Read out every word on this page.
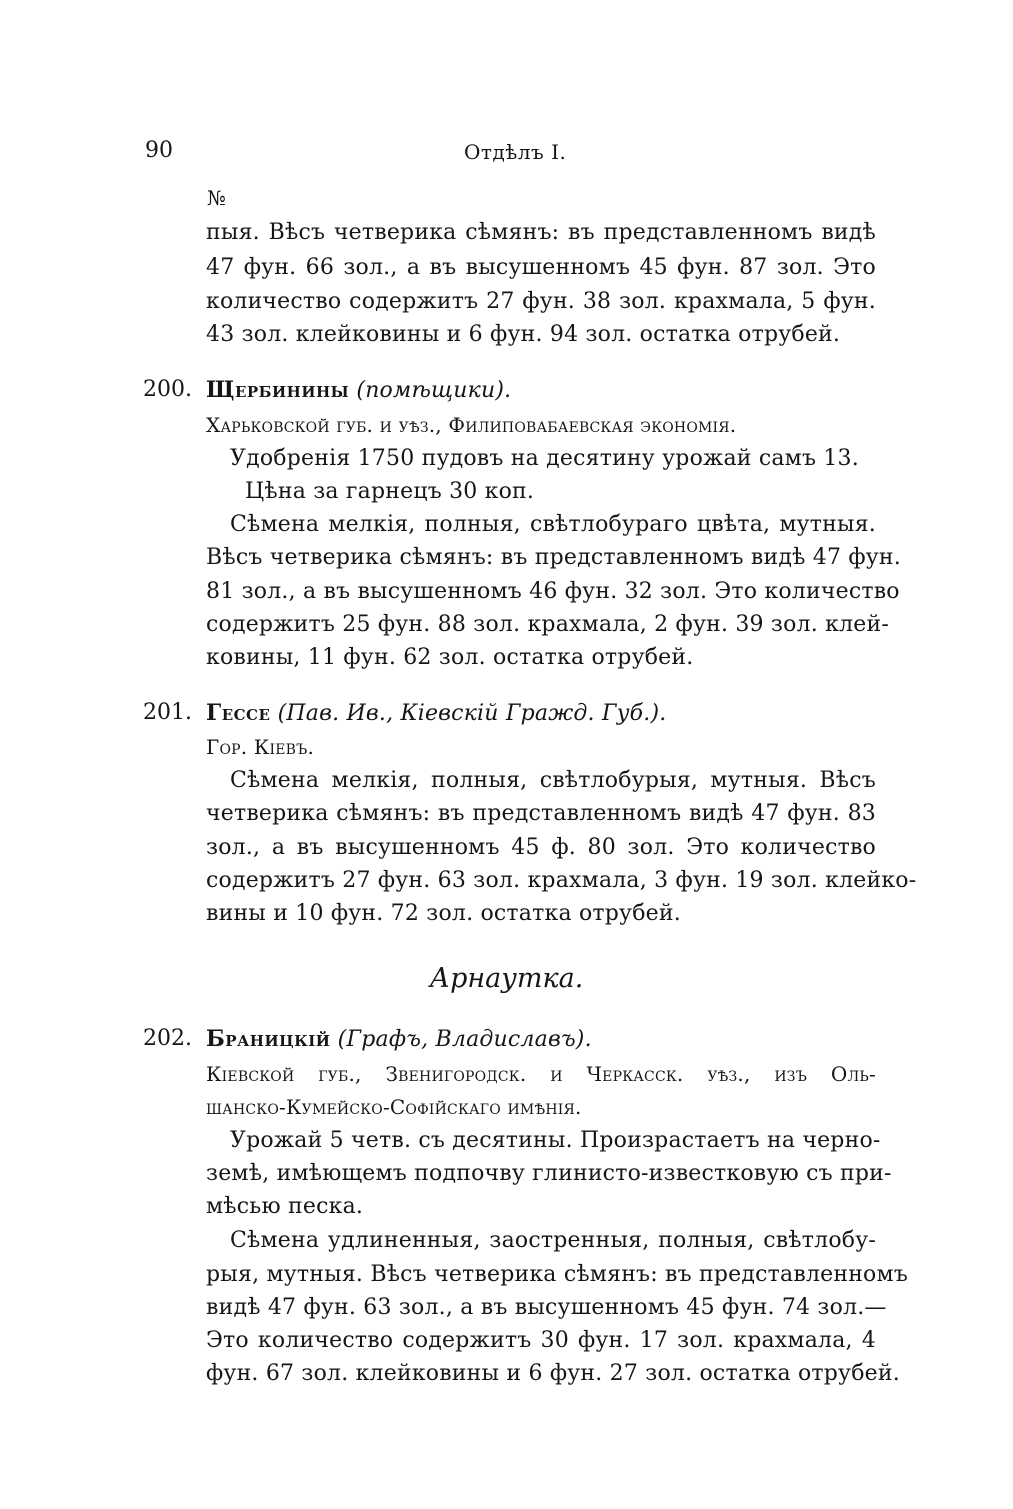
90	Отдѣлъ I.
№
пыя. Вѣсъ четверика сѣмянъ: въ представленномъ видѣ
47 фун. 66 зол., а въ высушенномъ 45 фун. 87 зол. Это
количество содержитъ 27 фун. 38 зол. крахмала, 5 фун.
43 зол. клейковины и 6 фун. 94 зол. остатка отрубей.
200. Щербинины (помѣщики).
Харьковской губ. и уѣз., Филиповабаевская экономія.
Удобренія 1750 пудовъ на десятину урожай самъ 13.
Цѣна за гарнецъ 30 коп.
Сѣмена мелкія, полныя, свѣтлобураго цвѣта, мутныя.
Вѣсъ четверика сѣмянъ: въ представленномъ видѣ 47 фун.
81 зол., а въ высушенномъ 46 фун. 32 зол. Это количество
содержитъ 25 фун. 88 зол. крахмала, 2 фун. 39 зол. клей-
ковины, 11 фун. 62 зол. остатка отрубей.
201. Гессе (Пав. Ив., Кіевскій Гражд. Губ.).
Гор. Кіевъ.
Сѣмена мелкія, полныя, свѣтлобурыя, мутныя. Вѣсъ
четверика сѣмянъ: въ представленномъ видѣ 47 фун. 83
зол., а въ высушенномъ 45 ф. 80 зол. Это количество
содержитъ 27 фун. 63 зол. крахмала, 3 фун. 19 зол. клейко-
вины и 10 фун. 72 зол. остатка отрубей.
Арнаутка.
202. Браницкій (Графъ, Владиславъ).
Кіевской губ., Звенигородск. и Черкасск. уѣз., изъ Оль-
шанско-Кумейско-Софійскаго имѣнія.
Урожай 5 четв. съ десятины. Произрастаетъ на черно-
земѣ, имѣющемъ подпочву глинисто-известковую съ при-
мѣсью песка.
Сѣмена удлиненныя, заостренныя, полныя, свѣтлобу-
рыя, мутныя. Вѣсъ четверика сѣмянъ: въ представленномъ
видѣ 47 фун. 63 зол., а въ высушенномъ 45 фун. 74 зол.—
Это количество содержитъ 30 фун. 17 зол. крахмала, 4
фун. 67 зол. клейковины и 6 фун. 27 зол. остатка отрубей.
